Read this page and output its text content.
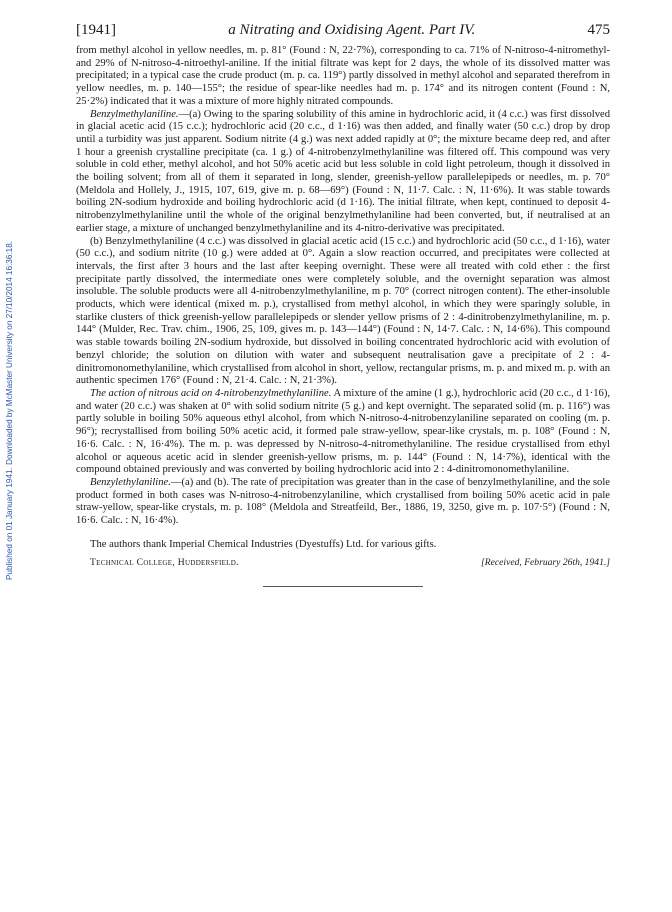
Published on 01 January 1941. Downloaded by McMaster University on 27/10/2014 16:36:18.
[1941]	a Nitrating and Oxidising Agent. Part IV.	475

from methyl alcohol in yellow needles, m. p. 81° (Found : N, 22·7%), corresponding to ca. 71% of N-nitroso-4-nitromethyl- and 29% of N-nitroso-4-nitroethyl-aniline. If the initial filtrate was kept for 2 days, the whole of its dissolved matter was precipitated; in a typical case the crude product (m. p. ca. 119°) partly dissolved in methyl alcohol and separated therefrom in yellow needles, m. p. 140—155°; the residue of spear-like needles had m. p. 174° and its nitrogen content (Found : N, 25·2%) indicated that it was a mixture of more highly nitrated compounds.

Benzylmethylaniline.—(a) Owing to the sparing solubility of this amine in hydrochloric acid, it (4 c.c.) was first dissolved in glacial acetic acid (15 c.c.); hydrochloric acid (20 c.c., d 1·16) was then added, and finally water (50 c.c.) drop by drop until a turbidity was just apparent. Sodium nitrite (4 g.) was next added rapidly at 0°; the mixture became deep red, and after 1 hour a greenish crystalline precipitate (ca. 1 g.) of 4-nitrobenzylmethylaniline was filtered off. This compound was very soluble in cold ether, methyl alcohol, and hot 50% acetic acid but less soluble in cold light petroleum, though it dissolved in the boiling solvent; from all of them it separated in long, slender, greenish-yellow parallelepipeds or needles, m. p. 70° (Meldola and Hollely, J., 1915, 107, 619, give m. p. 68—69°) (Found : N, 11·7. Calc. : N, 11·6%). It was stable towards boiling 2N-sodium hydroxide and boiling hydrochloric acid (d 1·16). The initial filtrate, when kept, continued to deposit 4-nitrobenzylmethylaniline until the whole of the original benzylmethylaniline had been converted, but, if neutralised at an earlier stage, a mixture of unchanged benzylmethylaniline and its 4-nitro-derivative was precipitated.

(b) Benzylmethylaniline (4 c.c.) was dissolved in glacial acetic acid (15 c.c.) and hydrochloric acid (50 c.c., d 1·16), water (50 c.c.), and sodium nitrite (10 g.) were added at 0°. Again a slow reaction occurred, and precipitates were collected at intervals, the first after 3 hours and the last after keeping overnight. These were all treated with cold ether : the first precipitate partly dissolved, the intermediate ones were completely soluble, and the overnight separation was almost insoluble. The soluble products were all 4-nitrobenzylmethylaniline, m p. 70° (correct nitrogen content). The ether-insoluble products, which were identical (mixed m. p.), crystallised from methyl alcohol, in which they were sparingly soluble, in starlike clusters of thick greenish-yellow parallelepipeds or slender yellow prisms of 2 : 4-dinitrobenzylmethylaniline, m. p. 144° (Mulder, Rec. Trav. chim., 1906, 25, 109, gives m. p. 143—144°) (Found : N, 14·7. Calc. : N, 14·6%). This compound was stable towards boiling 2N-sodium hydroxide, but dissolved in boiling concentrated hydrochloric acid with evolution of benzyl chloride; the solution on dilution with water and subsequent neutralisation gave a precipitate of 2 : 4-dinitromonomethylaniline, which crystallised from alcohol in short, yellow, rectangular prisms, m. p. and mixed m. p. with an authentic specimen 176° (Found : N, 21·4. Calc. : N, 21·3%).

The action of nitrous acid on 4-nitrobenzylmethylaniline. A mixture of the amine (1 g.), hydrochloric acid (20 c.c., d 1·16), and water (20 c.c.) was shaken at 0° with solid sodium nitrite (5 g.) and kept overnight. The separated solid (m. p. 116°) was partly soluble in boiling 50% aqueous ethyl alcohol, from which N-nitroso-4-nitrobenzylaniline separated on cooling (m. p. 96°); recrystallised from boiling 50% acetic acid, it formed pale straw-yellow, spear-like crystals, m. p. 108° (Found : N, 16·6. Calc. : N, 16·4%). The m. p. was depressed by N-nitroso-4-nitromethylaniline. The residue crystallised from ethyl alcohol or aqueous acetic acid in slender greenish-yellow prisms, m. p. 144° (Found : N, 14·7%), identical with the compound obtained previously and was converted by boiling hydrochloric acid into 2 : 4-dinitromonomethylaniline.

Benzylethylaniline.—(a) and (b). The rate of precipitation was greater than in the case of benzylmethylaniline, and the sole product formed in both cases was N-nitroso-4-nitrobenzylaniline, which crystallised from boiling 50% acetic acid in pale straw-yellow, spear-like crystals, m. p. 108° (Meldola and Streatfeild, Ber., 1886, 19, 3250, give m. p. 107·5°) (Found : N, 16·6. Calc. : N, 16·4%).

The authors thank Imperial Chemical Industries (Dyestuffs) Ltd. for various gifts.

Technical College, Huddersfield.	[Received, February 26th, 1941.]
